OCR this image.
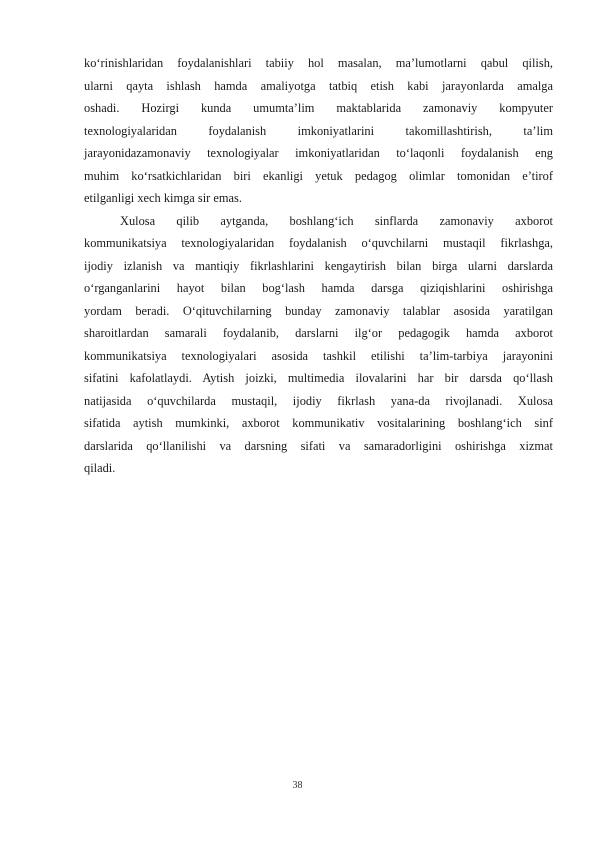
ko‘rinishlaridan foydalanishlari tabiiy hol masalan, ma’lumotlarni qabul qilish,
ularni qayta ishlash hamda amaliyotga tatbiq etish kabi jarayonlarda amalga
oshadi. Hozirgi kunda umumta’lim maktablarida zamonaviy kompyuter
texnologiyalaridan foydalanish imkoniyatlarini takomillashtirish, ta’lim
jarayonidazamonaviy texnologiyalar imkoniyatlaridan to‘laqonli foydalanish eng
muhim ko‘rsatkichlaridan biri ekanligi yetuk pedagog olimlar tomonidan e’tirof
etilganligi xech kimga sir emas.
Xulosa qilib aytganda, boshlang‘ich sinflarda zamonaviy axborot
kommunikatsiya texnologiyalaridan foydalanish o‘quvchilarni mustaqil fikrlashga,
ijodiy izlanish va mantiqiy fikrlashlarini kengaytirish bilan birga ularni darslarda
o‘rganganlarini hayot bilan bog‘lash hamda darsga qiziqishlarini oshirishga
yordam beradi. O‘qituvchilarning bunday zamonaviy talablar asosida yaratilgan
sharoitlardan samarali foydalanib, darslarni ilg‘or pedagogik hamda axborot
kommunikatsiya texnologiyalari asosida tashkil etilishi ta’lim-tarbiya jarayonini
sifatini kafolatlaydi. Aytish joizki, multimedia ilovalarini har bir darsda qo‘llash
natijasida o‘quvchilarda mustaqil, ijodiy fikrlash yana-da rivojlanadi. Xulosa
sifatida aytish mumkinki, axborot kommunikativ vositalarining boshlang‘ich sinf
darslarida qo‘llanilishi va darsning sifati va samaradorligini oshirishga xizmat
qiladi.
38
